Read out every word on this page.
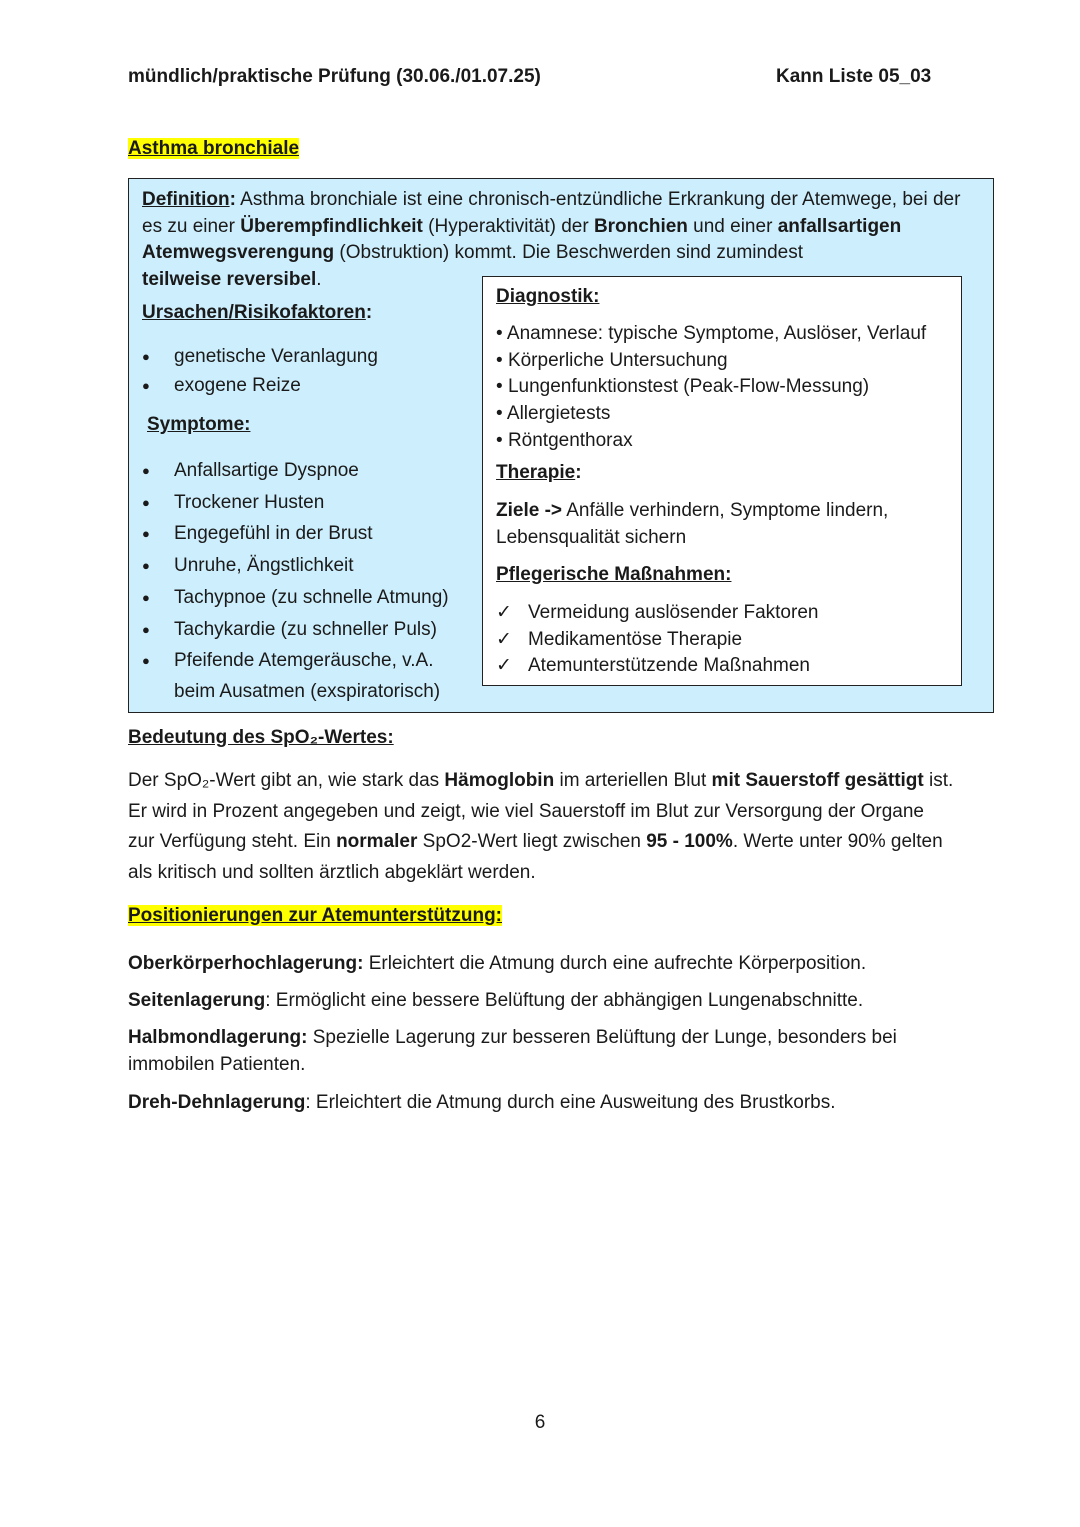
mündlich/praktische Prüfung (30.06./01.07.25)	Kann Liste 05_03
Asthma bronchiale
Definition: Asthma bronchiale ist eine chronisch-entzündliche Erkrankung der Atemwege, bei der es zu einer Überempfindlichkeit (Hyperaktivität) der Bronchien und einer anfallsartigen Atemwegsverengung (Obstruktion) kommt. Die Beschwerden sind zumindest
teilweise reversibel.
Ursachen/Risikofaktoren:
● genetische Veranlagung
● exogene Reize
Symptome:
● Anfallsartige Dyspnoe
● Trockener Husten
● Engegefühl in der Brust
● Unruhe, Ängstlichkeit
● Tachypnoe (zu schnelle Atmung)
● Tachykardie (zu schneller Puls)
● Pfeifende Atemgeräusche, v.A. beim Ausatmen (exspiratorisch)
Diagnostik:
• Anamnese: typische Symptome, Auslöser, Verlauf
• Körperliche Untersuchung
• Lungenfunktionstest (Peak-Flow-Messung)
• Allergietests
• Röntgenthorax
Therapie:
Ziele -> Anfälle verhindern, Symptome lindern, Lebensqualität sichern
Pflegerische Maßnahmen:
✓ Vermeidung auslösender Faktoren
✓ Medikamentöse Therapie
✓ Atemunterstützende Maßnahmen
Bedeutung des SpO₂-Wertes:
Der SpO₂-Wert gibt an, wie stark das Hämoglobin im arteriellen Blut mit Sauerstoff gesättigt ist. Er wird in Prozent angegeben und zeigt, wie viel Sauerstoff im Blut zur Versorgung der Organe zur Verfügung steht. Ein normaler SpO2-Wert liegt zwischen 95 - 100%. Werte unter 90% gelten als kritisch und sollten ärztlich abgeklärt werden.
Positionierungen zur Atemunterstützung:
Oberkörperhochlagerung: Erleichtert die Atmung durch eine aufrechte Körperposition.
Seitenlagerung: Ermöglicht eine bessere Belüftung der abhängigen Lungenabschnitte.
Halbmondlagerung: Spezielle Lagerung zur besseren Belüftung der Lunge, besonders bei immobilen Patienten.
Dreh-Dehnlagerung: Erleichtert die Atmung durch eine Ausweitung des Brustkorbs.
6
